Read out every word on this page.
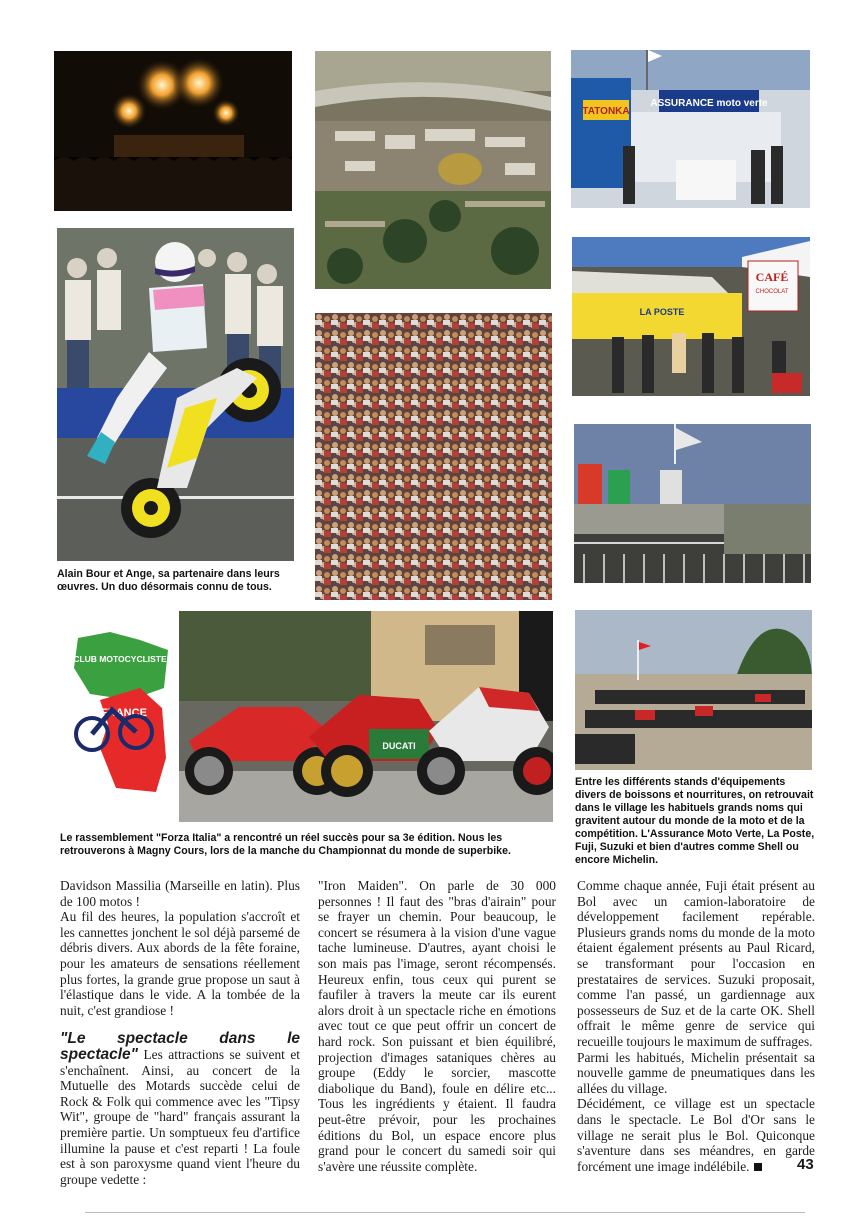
TATONKA
ASSURANCE moto verte
LA POSTE
CAFÉ
CHOCOLAT
CLUB MOTOCYCLISTE
FRANCE
DUCATI
Alain Bour et Ange, sa partenaire dans leurs œuvres. Un duo désormais connu de tous.
Entre les différents stands d'équipements divers de boissons et nourritures, on retrouvait dans le village les habituels grands noms qui gravitent autour du monde de la moto et de la compétition. L'Assurance Moto Verte, La Poste, Fuji, Suzuki et bien d'autres comme Shell ou encore Michelin.
Le rassemblement "Forza Italia" a rencontré un réel succès pour sa 3e édition. Nous les retrouverons à Magny Cours, lors de la manche du Championnat du monde de superbike.

Davidson Massilia (Marseille en latin). Plus de 100 motos !

Au fil des heures, la population s'accroît et les cannettes jonchent le sol déjà parsemé de débris divers. Aux abords de la fête foraine, pour les amateurs de sensations réellement plus fortes, la grande grue propose un saut à l'élastique dans le vide. A la tombée de la nuit, c'est grandiose !

"Le spectacle dans le spectacle" Les attractions se suivent et s'enchaînent. Ainsi, au concert de la Mutuelle des Motards succède celui de Rock & Folk qui commence avec les "Tipsy Wit", groupe de "hard" français assurant la première partie. Un somptueux feu d'artifice illumine la pause et c'est reparti ! La foule est à son paroxysme quand vient l'heure du groupe vedette :

"Iron Maiden". On parle de 30 000 personnes ! Il faut des "bras d'airain" pour se frayer un chemin. Pour beaucoup, le concert se résumera à la vision d'une vague tache lumineuse. D'autres, ayant choisi le son mais pas l'image, seront récompensés. Heureux enfin, tous ceux qui purent se faufiler à travers la meute car ils eurent alors droit à un spectacle riche en émotions avec tout ce que peut offrir un concert de hard rock. Son puissant et bien équilibré, projection d'images sataniques chères au groupe (Eddy le sorcier, mascotte diabolique du Band), foule en délire etc... Tous les ingrédients y étaient. Il faudra peut-être prévoir, pour les prochaines éditions du Bol, un espace encore plus grand pour le concert du samedi soir qui s'avère une réussite complète.

Comme chaque année, Fuji était présent au Bol avec un camion-laboratoire de développement facilement repérable. Plusieurs grands noms du monde de la moto étaient également présents au Paul Ricard, se transformant pour l'occasion en prestataires de services. Suzuki proposait, comme l'an passé, un gardiennage aux possesseurs de Suz et de la carte OK. Shell offrait le même genre de service qui recueille toujours le maximum de suffrages.

Parmi les habitués, Michelin présentait sa nouvelle gamme de pneumatiques dans les allées du village.

Décidément, ce village est un spectacle dans le spectacle. Le Bol d'Or sans le village ne serait plus le Bol. Quiconque s'aventure dans ses méandres, en garde forcément une image indélébile.	43
